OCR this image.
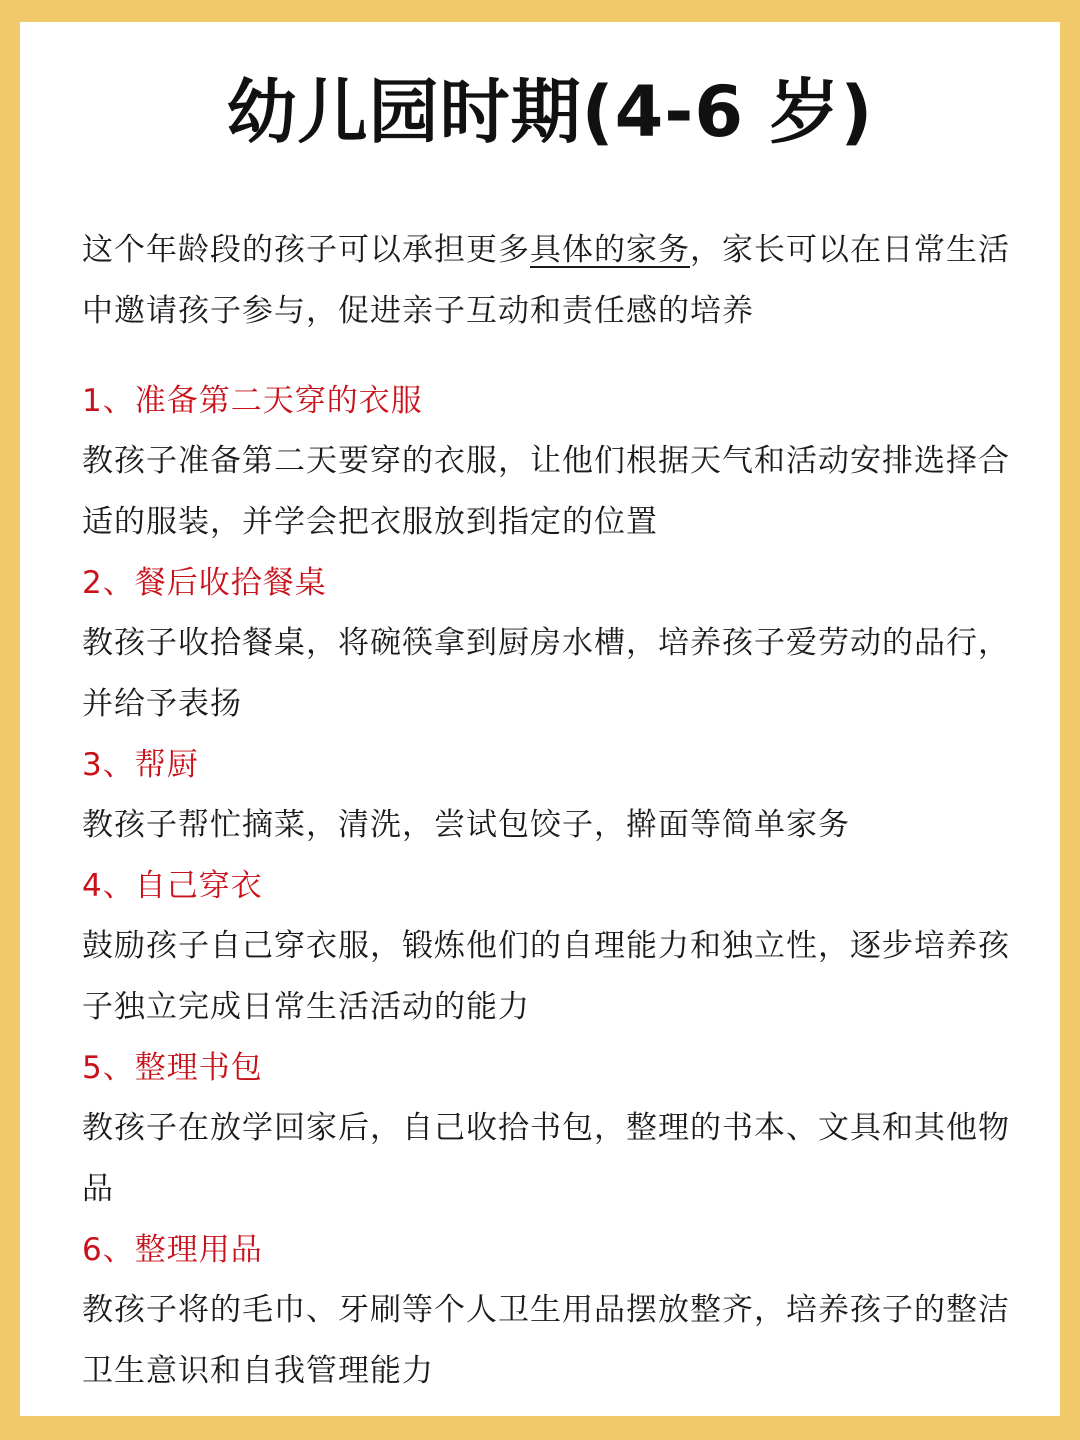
幼儿园时期(4-6 岁)

这个年龄段的孩子可以承担更多具体的家务，家长可以在日常生活中邀请孩子参与，促进亲子互动和责任感的培养

1、准备第二天穿的衣服

教孩子准备第二天要穿的衣服，让他们根据天气和活动安排选择合适的服装，并学会把衣服放到指定的位置

2、餐后收拾餐桌

教孩子收拾餐桌，将碗筷拿到厨房水槽，培养孩子爱劳动的品行，并给予表扬

3、帮厨

教孩子帮忙摘菜，清洗，尝试包饺子，擀面等简单家务

4、自己穿衣

鼓励孩子自己穿衣服，锻炼他们的自理能力和独立性，逐步培养孩子独立完成日常生活活动的能力

5、整理书包

教孩子在放学回家后，自己收拾书包，整理的书本、文具和其他物品

6、整理用品

教孩子将的毛巾、牙刷等个人卫生用品摆放整齐，培养孩子的整洁卫生意识和自我管理能力
